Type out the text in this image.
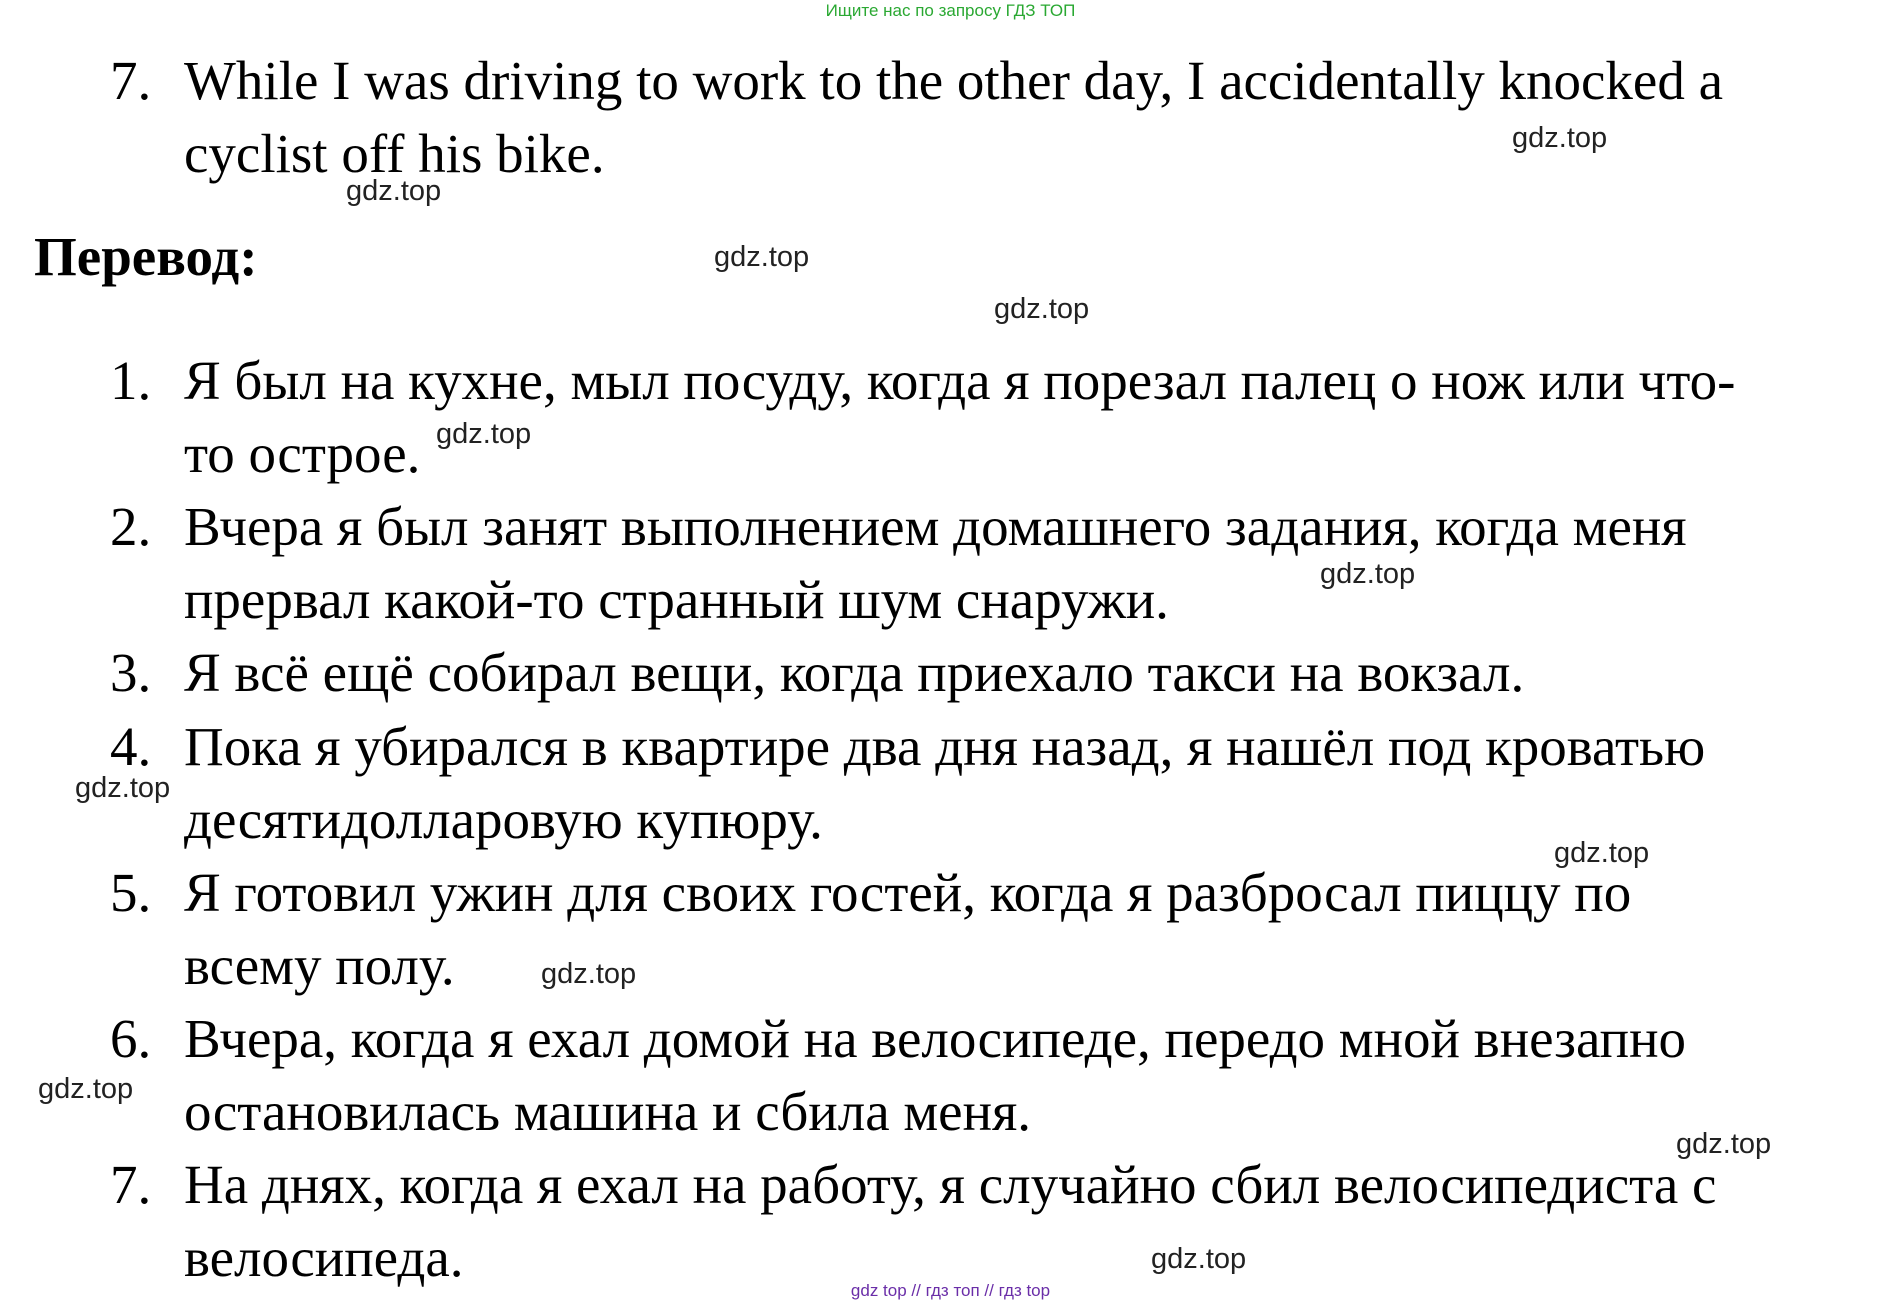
Ищите нас по запросу ГДЗ ТОП
7. While I was driving to work to the other day, I accidentally knocked a
cyclist off his bike.
Перевод:
1. Я был на кухне, мыл посуду, когда я порезал палец о нож или что-
то острое.
2. Вчера я был занят выполнением домашнего задания, когда меня
прервал какой-то странный шум снаружи.
3. Я всё ещё собирал вещи, когда приехало такси на вокзал.
4. Пока я убирался в квартире два дня назад, я нашёл под кроватью
десятидолларовую купюру.
5. Я готовил ужин для своих гостей, когда я разбросал пиццу по
всему полу.
6. Вчера, когда я ехал домой на велосипеде, передо мной внезапно
остановилась машина и сбила меня.
7. На днях, когда я ехал на работу, я случайно сбил велосипедиста с
велосипеда.
gdz.top
gdz.top
gdz.top
gdz.top
gdz.top
gdz.top
gdz.top
gdz.top
gdz.top
gdz.top
gdz.top
gdz.top
gdz top // гдз топ // гдз top
